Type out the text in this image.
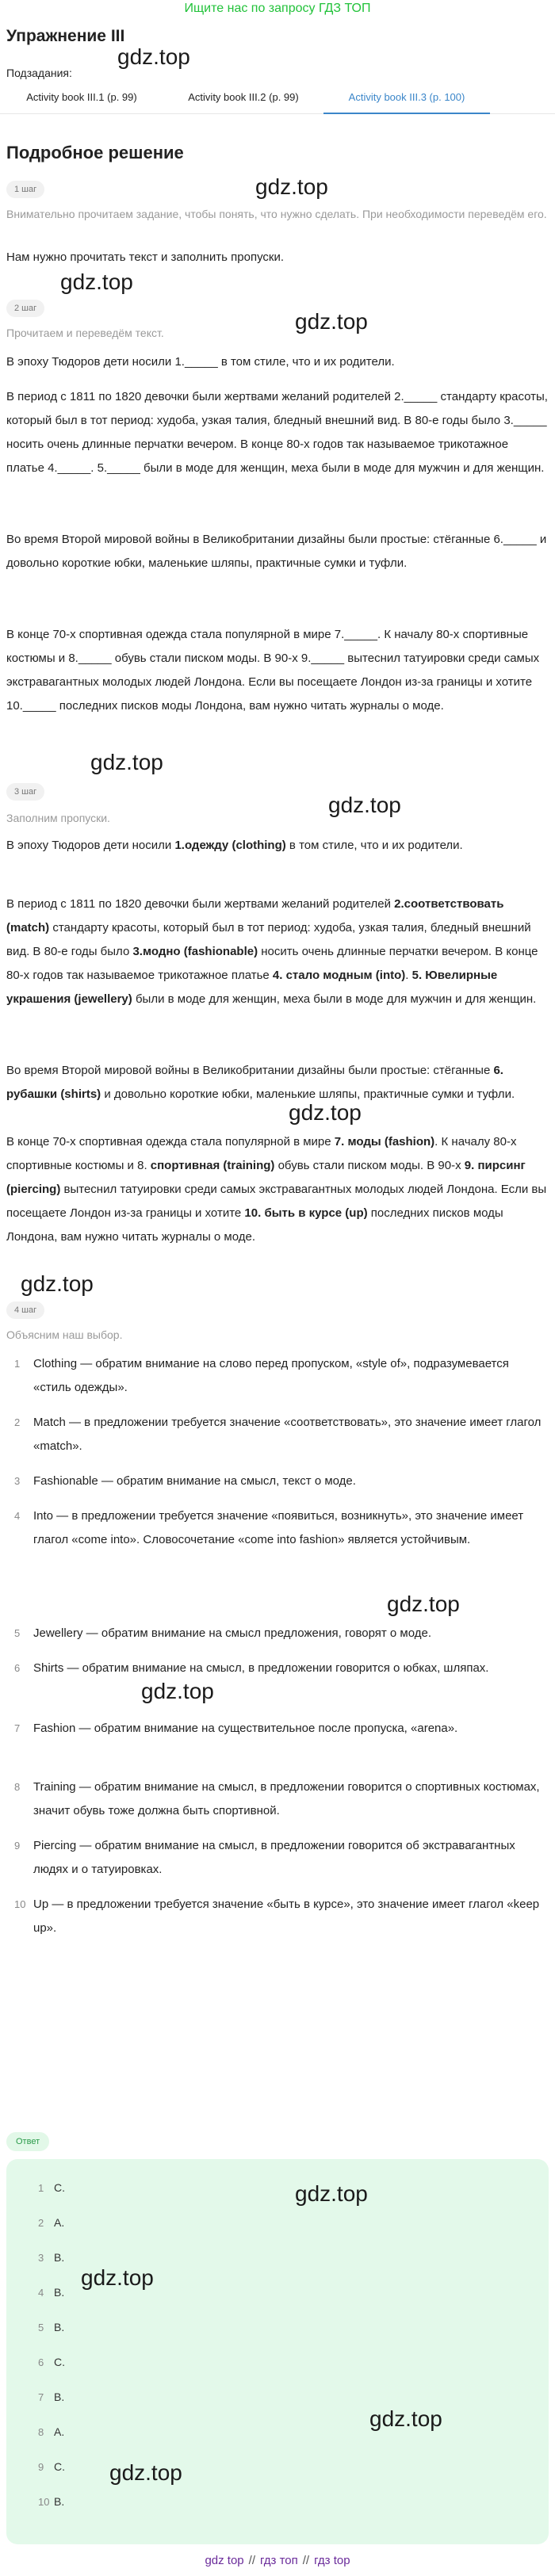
Ищите нас по запросу ГДЗ ТОП
Упражнение III
gdz.top
Подзадания:
Activity book III.1 (p. 99)	Activity book III.2 (p. 99)	Activity book III.3 (p. 100)
Подробное решение
1 шаг	gdz.top
Внимательно прочитаем задание, чтобы понять, что нужно сделать. При необходимости переведём его.
Нам нужно прочитать текст и заполнить пропуски.
gdz.top
2 шаг
gdz.top
Прочитаем и переведём текст.
В эпоху Тюдоров дети носили 1._____ в том стиле, что и их родители.
В период с 1811 по 1820 девочки были жертвами желаний родителей 2._____ стандарту красоты, который был в тот период: худоба, узкая талия, бледный внешний вид. В 80-е годы было 3._____ носить очень длинные перчатки вечером. В конце 80-х годов так называемое трикотажное платье 4._____. 5._____ были в моде для женщин, меха были в моде для мужчин и для женщин.
Во время Второй мировой войны в Великобритании дизайны были простые: стёганные 6._____ и довольно короткие юбки, маленькие шляпы, практичные сумки и туфли.
В конце 70-х спортивная одежда стала популярной в мире 7._____. К началу 80-х спортивные костюмы и 8._____ обувь стали писком моды. В 90-х 9._____ вытеснил татуировки среди самых экстравагантных молодых людей Лондона. Если вы посещаете Лондон из-за границы и хотите 10._____ последних писков моды Лондона, вам нужно читать журналы о моде.
gdz.top
3 шаг
gdz.top
Заполним пропуски.
В эпоху Тюдоров дети носили 1.одежду (clothing) в том стиле, что и их родители.
В период с 1811 по 1820 девочки были жертвами желаний родителей 2.соответствовать (match) стандарту красоты, который был в тот период: худоба, узкая талия, бледный внешний вид. В 80-е годы было 3.модно (fashionable) носить очень длинные перчатки вечером. В конце 80-х годов так называемое трикотажное платье 4. стало модным (into). 5. Ювелирные украшения (jewellery) были в моде для женщин, меха были в моде для мужчин и для женщин.
Во время Второй мировой войны в Великобритании дизайны были простые: стёганные 6. рубашки (shirts) и довольно короткие юбки, маленькие шляпы, практичные сумки и туфли.
gdz.top
В конце 70-х спортивная одежда стала популярной в мире 7. моды (fashion). К началу 80-х спортивные костюмы и 8. спортивная (training) обувь стали писком моды. В 90-х 9. пирсинг (piercing) вытеснил татуировки среди самых экстравагантных молодых людей Лондона. Если вы посещаете Лондон из-за границы и хотите 10. быть в курсе (up) последних писков моды Лондона, вам нужно читать журналы о моде.
gdz.top
4 шаг
Объясним наш выбор.
1 Clothing — обратим внимание на слово перед пропуском, «style of», подразумевается «стиль одежды».
2 Match — в предложении требуется значение «соответствовать», это значение имеет глагол «match».
3 Fashionable — обратим внимание на смысл, текст о моде.
4 Into — в предложении требуется значение «появиться, возникнуть», это значение имеет глагол «come into». Словосочетание «come into fashion» является устойчивым.
gdz.top
5 Jewellery — обратим внимание на смысл предложения, говорят о моде.
6 Shirts — обратим внимание на смысл, в предложении говорится о юбках, шляпах.
gdz.top
7 Fashion — обратим внимание на существительное после пропуска, «arena».
8 Training — обратим внимание на смысл, в предложении говорится о спортивных костюмах, значит обувь тоже должна быть спортивной.
9 Piercing — обратим внимание на смысл, в предложении говорится об экстравагантных людях и о татуировках.
10 Up — в предложении требуется значение «быть в курсе», это значение имеет глагол «keep up».
Ответ
1 C.
2 A.
3 B.
4 B.
5 B.
6 C.
7 B.
8 A.
9 C.
10 B.
gdz.top
gdz.top
gdz.top
gdz.top
gdz top // гдз топ // гдз top
